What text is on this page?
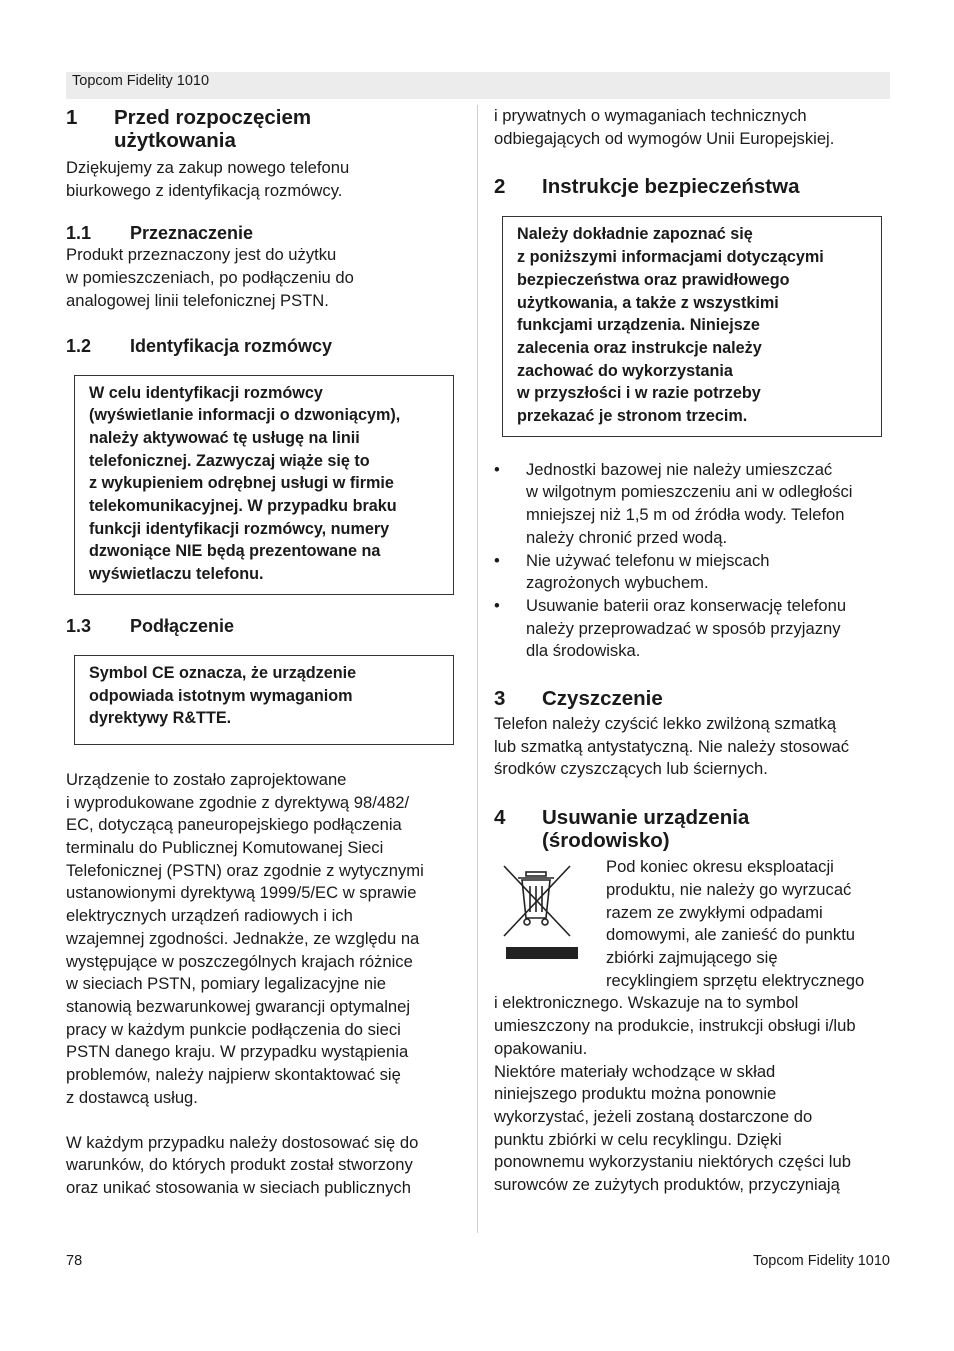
Topcom Fidelity 1010
1	Przed rozpoczęciem
użytkowania

Dziękujemy za zakup nowego telefonu
biurkowego z identyfikacją rozmówcy.

1.1	Przeznaczenie

Produkt przeznaczony jest do użytku
w pomieszczeniach, po podłączeniu do
analogowej linii telefonicznej PSTN.

1.2	Identyfikacja rozmówcy

W celu identyfikacji rozmówcy
(wyświetlanie informacji o dzwoniącym),
należy aktywować tę usługę na linii
telefonicznej. Zazwyczaj wiąże się to
z wykupieniem odrębnej usługi w firmie
telekomunikacyjnej. W przypadku braku
funkcji identyfikacji rozmówcy, numery
dzwoniące NIE będą prezentowane na
wyświetlaczu telefonu.

1.3	Podłączenie

Symbol CE oznacza, że urządzenie
odpowiada istotnym wymaganiom
dyrektywy R&TTE.

Urządzenie to zostało zaprojektowane
i wyprodukowane zgodnie z dyrektywą 98/482/
EC, dotyczącą paneuropejskiego podłączenia
terminalu do Publicznej Komutowanej Sieci
Telefonicznej (PSTN) oraz zgodnie z wytycznymi
ustanowionymi dyrektywą 1999/5/EC w sprawie
elektrycznych urządzeń radiowych i ich
wzajemnej zgodności. Jednakże, ze względu na
występujące w poszczególnych krajach różnice
w sieciach PSTN, pomiary legalizacyjne nie
stanowią bezwarunkowej gwarancji optymalnej
pracy w każdym punkcie podłączenia do sieci
PSTN danego kraju. W przypadku wystąpienia
problemów, należy najpierw skontaktować się
z dostawcą usług.

W każdym przypadku należy dostosować się do
warunków, do których produkt został stworzony
oraz unikać stosowania w sieciach publicznych

i prywatnych o wymaganiach technicznych
odbiegających od wymogów Unii Europejskiej.

2	Instrukcje bezpieczeństwa

Należy dokładnie zapoznać się
z poniższymi informacjami dotyczącymi
bezpieczeństwa oraz prawidłowego
użytkowania, a także z wszystkimi
funkcjami urządzenia. Niniejsze
zalecenia oraz instrukcje należy
zachować do wykorzystania
w przyszłości i w razie potrzeby
przekazać je stronom trzecim.

• Jednostki bazowej nie należy umieszczać
w wilgotnym pomieszczeniu ani w odległości
mniejszej niż 1,5 m od źródła wody. Telefon
należy chronić przed wodą.
• Nie używać telefonu w miejscach
zagrożonych wybuchem.
• Usuwanie baterii oraz konserwację telefonu
należy przeprowadzać w sposób przyjazny
dla środowiska.
3	Czyszczenie

Telefon należy czyścić lekko zwilżoną szmatką
lub szmatką antystatyczną. Nie należy stosować
środków czyszczących lub ściernych.

4	Usuwanie urządzenia
(środowisko)

Pod koniec okresu eksploatacji
produktu, nie należy go wyrzucać
razem ze zwykłymi odpadami
domowymi, ale zanieść do punktu
zbiórki zajmującego się
recyklingiem sprzętu elektrycznego

i elektronicznego. Wskazuje na to symbol
umieszczony na produkcie, instrukcji obsługi i/lub
opakowaniu.

Niektóre materiały wchodzące w skład
niniejszego produktu można ponownie
wykorzystać, jeżeli zostaną dostarczone do
punktu zbiórki w celu recyklingu. Dzięki
ponownemu wykorzystaniu niektórych części lub
surowców ze zużytych produktów, przyczyniają

78	Topcom Fidelity 1010
